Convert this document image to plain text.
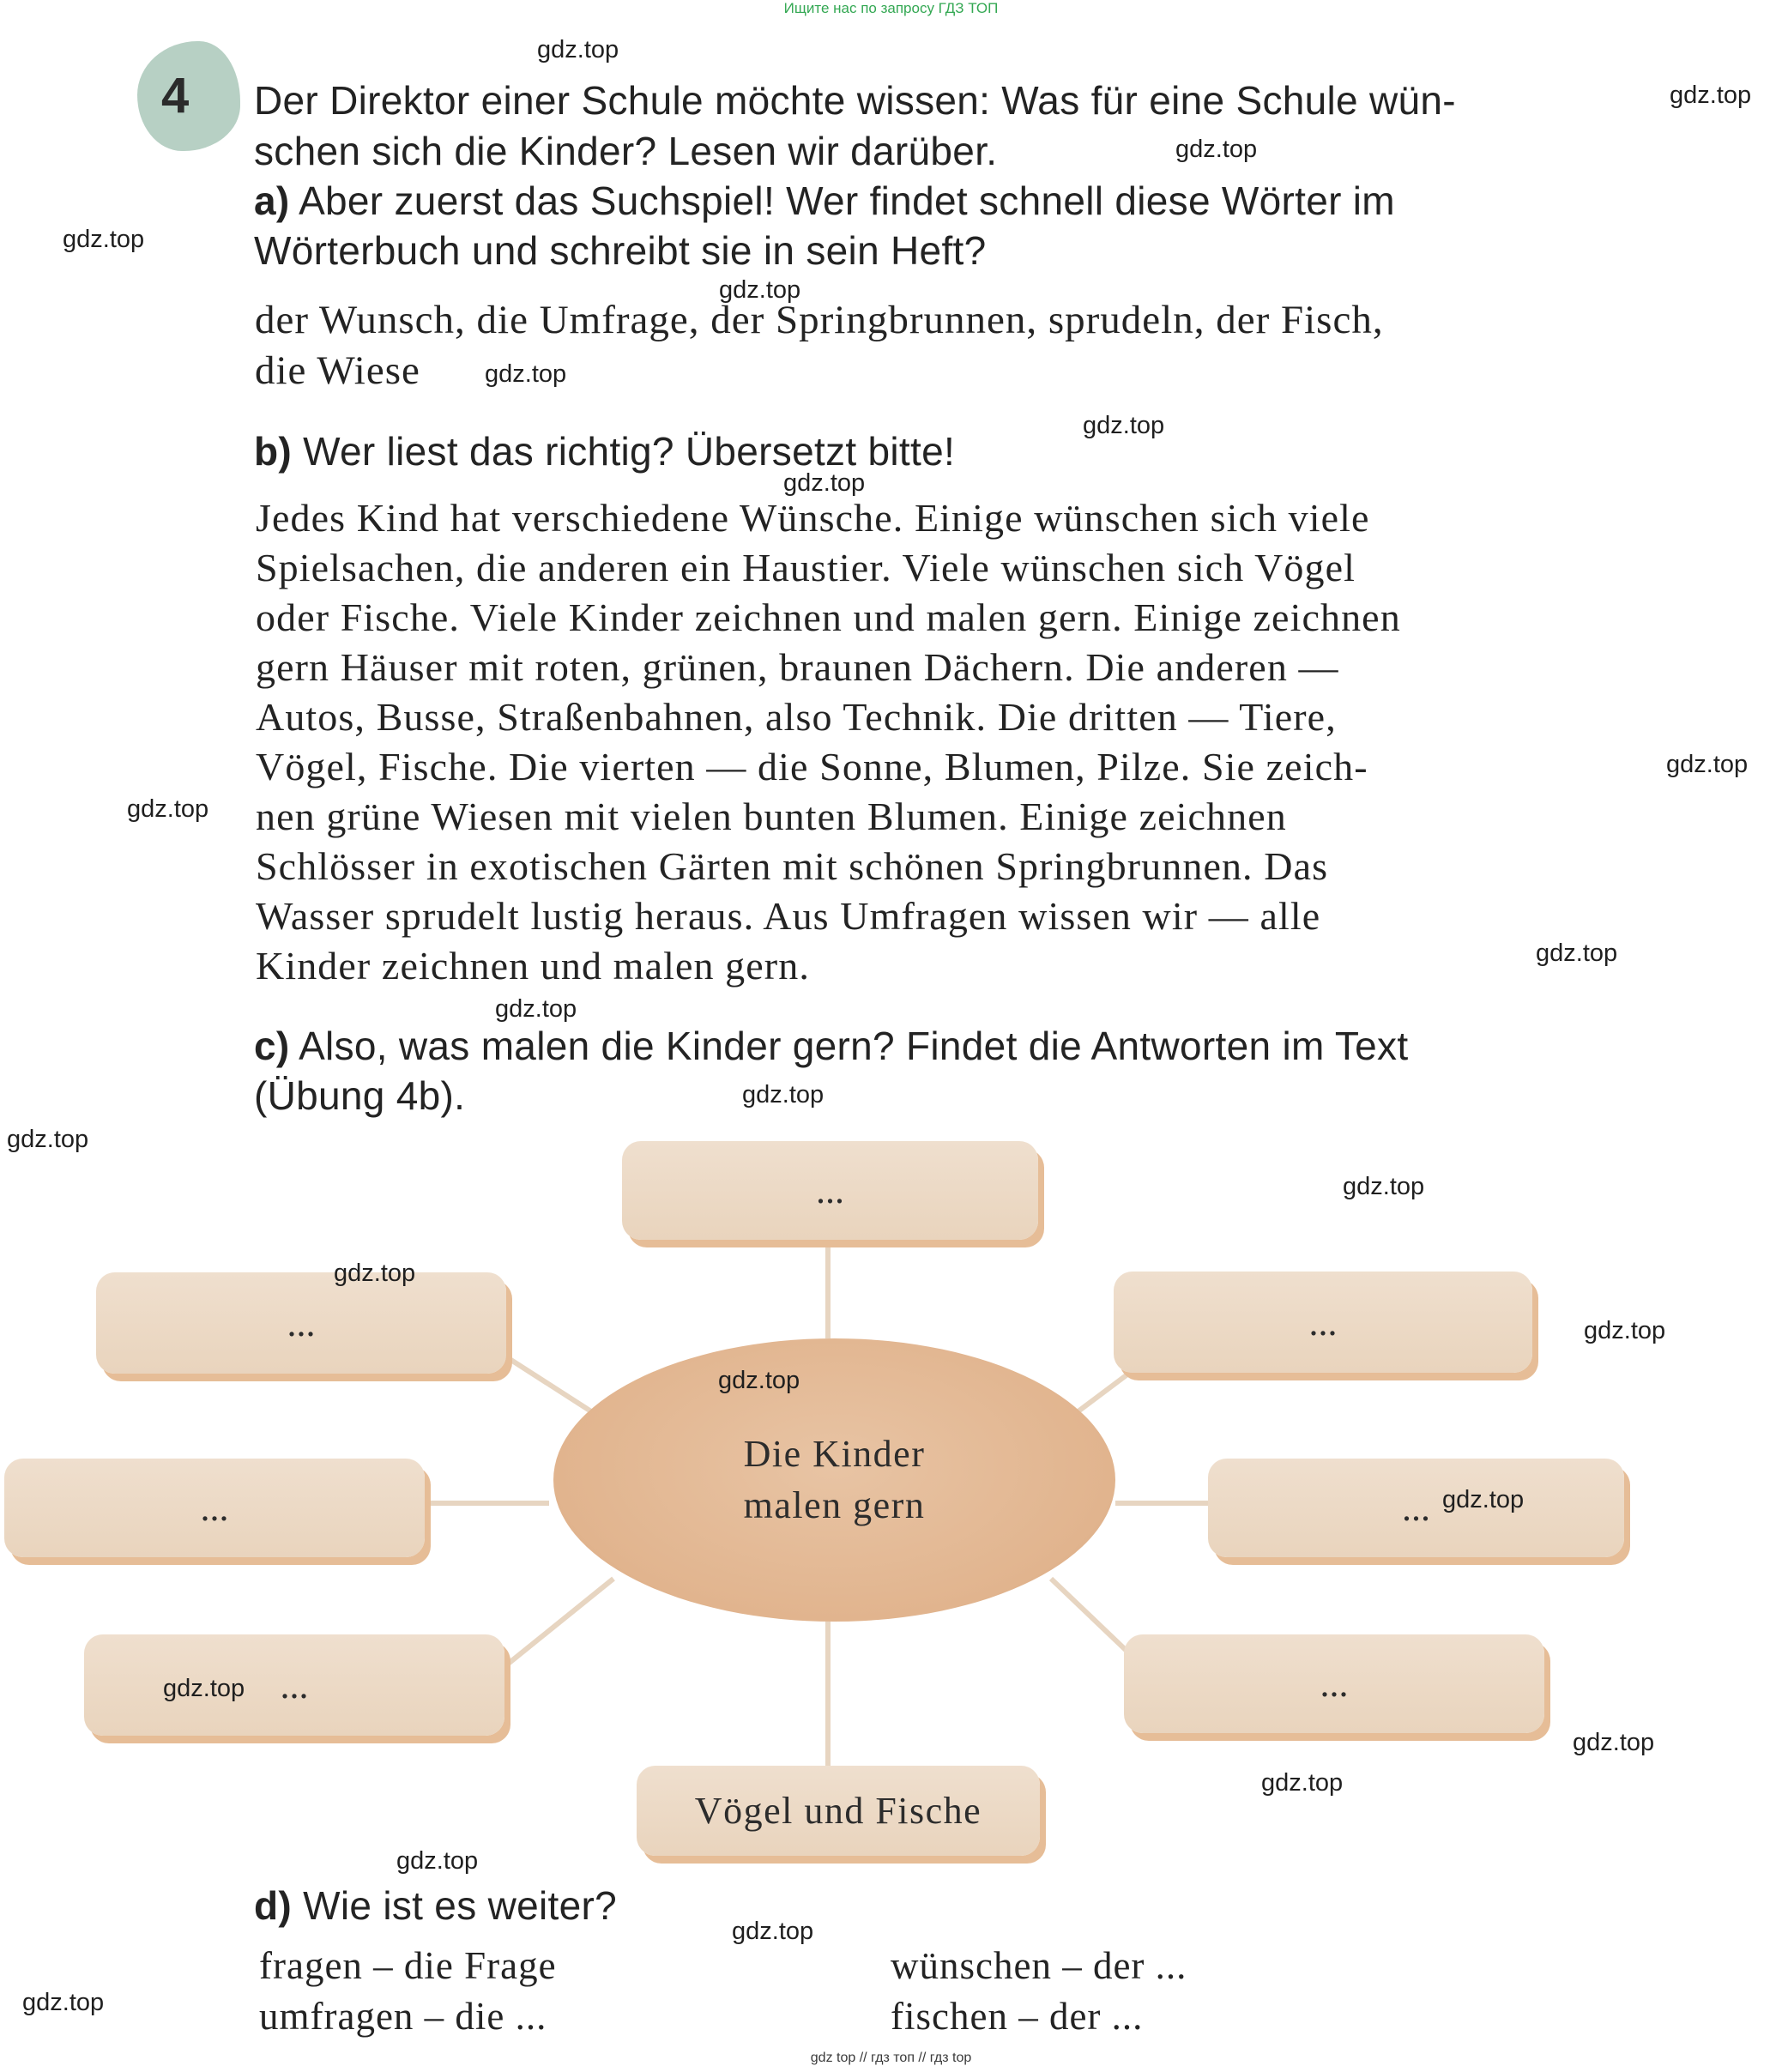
Ищите нас по запросу ГДЗ ТОП
4 Der Direktor einer Schule möchte wissen: Was für eine Schule wün-
schen sich die Kinder? Lesen wir darüber.
a) Aber zuerst das Suchspiel! Wer findet schnell diese Wörter im
Wörterbuch und schreibt sie in sein Heft?
der Wunsch, die Umfrage, der Springbrunnen, sprudeln, der Fisch,
die Wiese
b) Wer liest das richtig? Übersetzt bitte!
Jedes Kind hat verschiedene Wünsche. Einige wünschen sich viele
Spielsachen, die anderen ein Haustier. Viele wünschen sich Vögel
oder Fische. Viele Kinder zeichnen und malen gern. Einige zeichnen
gern Häuser mit roten, grünen, braunen Dächern. Die anderen —
Autos, Busse, Straßenbahnen, also Technik. Die dritten — Tiere,
Vögel, Fische. Die vierten — die Sonne, Blumen, Pilze. Sie zeich-
nen grüne Wiesen mit vielen bunten Blumen. Einige zeichnen
Schlösser in exotischen Gärten mit schönen Springbrunnen. Das
Wasser sprudelt lustig heraus. Aus Umfragen wissen wir — alle
Kinder zeichnen und malen gern.
c) Also, was malen die Kinder gern? Findet die Antworten im Text
(Übung 4b).
Die Kinder
malen gern
...
...	...
...	...
...	...
Vögel und Fische
d) Wie ist es weiter?
fragen – die Frage
umfragen – die ...
wünschen – der ...
fischen – der ...
gdz.top
gdz.top
gdz.top
gdz.top
gdz.top
gdz.top
gdz.top
gdz.top
gdz.top
gdz.top
gdz.top
gdz.top
gdz.top
gdz.top
gdz.top
gdz.top
gdz.top
gdz.top
gdz.top
gdz.top
gdz.top
gdz.top
gdz.top
gdz.top
gdz.top
gdz top // гдз топ // гдз top
